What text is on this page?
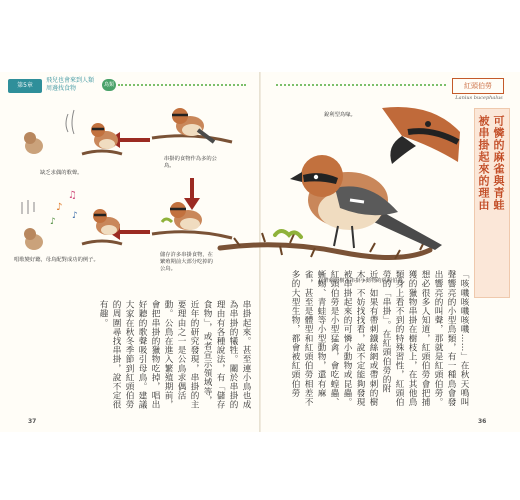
第5章
飛兒也會來到人類周邊找食物	鳥類	紅頭伯勞
Lanius bucephalus
可憐的麻雀與青蛙
被串掛起來的理由
銳利型鳥喙。
在帶刺的樹木串掛小動物的紅頭伯勞。
♪
♫
♪
♪
串掛的食物作為多的公鳥。
缺乏求偶的歌聲。
儲存許多串掛食物，在繁殖期前大部分吃掉的公鳥。
唱歌變好聽，母鳥配對成功的例子。
「咳嘰咳嘰咳嘰……」在秋天鳴叫聲響亮的小型鳥類，有一種鳥會發出響亮的叫聲，那就是紅頭伯勞。想必很多人知道，紅頭伯勞會把捕獲的獵物串掛在樹枝上，在其他鳥類身上看不到的特殊習性，紅頭伯勞的「串掛」。在紅頭伯勞的附近，如果有帶刺鐵絲網或帶刺的樹木，不妨找找看，說不定能夠發現被串掛起來的可憐小動物或昆蟲。紅頭伯勞是小型猛禽，會吃蝗蟲、蜥蜴、青蛙等小型動物，還有麻雀，甚至是體型和紅頭伯勞相差不多的大型生物，都會被紅頭伯勞
串掛起來。甚至連小鳥也成為串掛的犧牲。關於串掛的理由有各種說法，有「儲存食物」，或者宣示領域等，近年的研究發現，串掛的主要理由之一是公鳥求偶活動。公鳥在進入繁殖期前，會把串掛的獵物吃掉，唱出好聽的歌聲吸引母鳥。建議大家在秋冬季節到紅頭伯勞的周圍尋找串掛，說不定很有趣。
37	36
